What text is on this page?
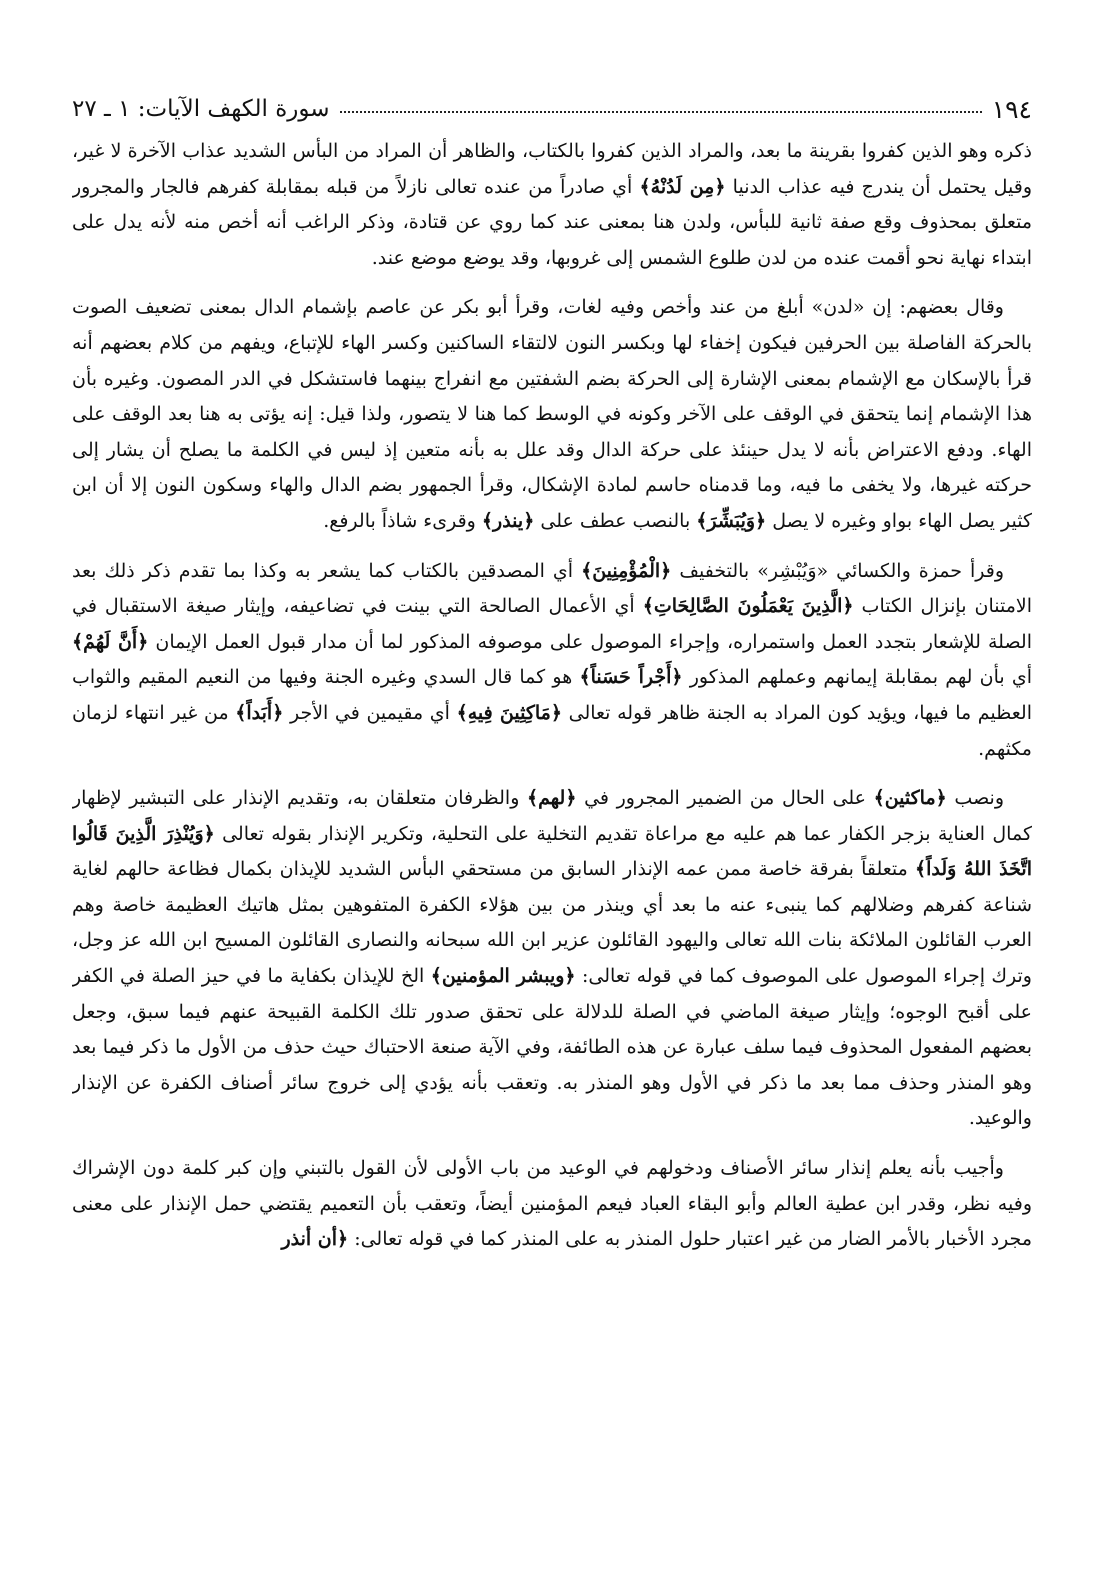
١٩٤
سورة الكهف الآيات: ١ ـ ٢٧

ذكره وهو الذين كفروا بقرينة ما بعد، والمراد الذين كفروا بالكتاب، والظاهر أن المراد من البأس الشديد عذاب الآخرة لا غير، وقيل يحتمل أن يندرج فيه عذاب الدنيا ﴿مِن لَدُنْهُ﴾ أي صادراً من عنده تعالى نازلاً من قبله بمقابلة كفرهم فالجار والمجرور متعلق بمحذوف وقع صفة ثانية للبأس، ولدن هنا بمعنى عند كما روي عن قتادة، وذكر الراغب أنه أخص منه لأنه يدل على ابتداء نهاية نحو أقمت عنده من لدن طلوع الشمس إلى غروبها، وقد يوضع موضع عند.

وقال بعضهم: إن «لدن» أبلغ من عند وأخص وفيه لغات، وقرأ أبو بكر عن عاصم بإشمام الدال بمعنى تضعيف الصوت بالحركة الفاصلة بين الحرفين فيكون إخفاء لها وبكسر النون لالتقاء الساكنين وكسر الهاء للإتباع، ويفهم من كلام بعضهم أنه قرأ بالإسكان مع الإشمام بمعنى الإشارة إلى الحركة بضم الشفتين مع انفراج بينهما فاستشكل في الدر المصون. وغيره بأن هذا الإشمام إنما يتحقق في الوقف على الآخر وكونه في الوسط كما هنا لا يتصور، ولذا قيل: إنه يؤتى به هنا بعد الوقف على الهاء. ودفع الاعتراض بأنه لا يدل حينئذ على حركة الدال وقد علل به بأنه متعين إذ ليس في الكلمة ما يصلح أن يشار إلى حركته غيرها، ولا يخفى ما فيه، وما قدمناه حاسم لمادة الإشكال، وقرأ الجمهور بضم الدال والهاء وسكون النون إلا أن ابن كثير يصل الهاء بواو وغيره لا يصل ﴿وَيُبَشِّرَ﴾ بالنصب عطف على ﴿ينذر﴾ وقرىء شاذاً بالرفع.

وقرأ حمزة والكسائي «وَيُبْشِر» بالتخفيف ﴿الْمُؤْمِنِينَ﴾ أي المصدقين بالكتاب كما يشعر به وكذا بما تقدم ذكر ذلك بعد الامتنان بإنزال الكتاب ﴿الَّذِينَ يَعْمَلُونَ الصَّالِحَاتِ﴾ أي الأعمال الصالحة التي بينت في تضاعيفه، وإيثار صيغة الاستقبال في الصلة للإشعار بتجدد العمل واستمراره، وإجراء الموصول على موصوفه المذكور لما أن مدار قبول العمل الإيمان ﴿أَنَّ لَهُمْ﴾ أي بأن لهم بمقابلة إيمانهم وعملهم المذكور ﴿أَجْراً حَسَناً﴾ هو كما قال السدي وغيره الجنة وفيها من النعيم المقيم والثواب العظيم ما فيها، ويؤيد كون المراد به الجنة ظاهر قوله تعالى ﴿مَاكِثِينَ فِيهِ﴾ أي مقيمين في الأجر ﴿أَبَداً﴾ من غير انتهاء لزمان مكثهم.

ونصب ﴿ماكثين﴾ على الحال من الضمير المجرور في ﴿لهم﴾ والظرفان متعلقان به، وتقديم الإنذار على التبشير لإظهار كمال العناية بزجر الكفار عما هم عليه مع مراعاة تقديم التخلية على التحلية، وتكرير الإنذار بقوله تعالى ﴿وَيُنْذِرَ الَّذِينَ قَالُوا اتَّخَذَ اللهُ وَلَداً﴾ متعلقاً بفرقة خاصة ممن عمه الإنذار السابق من مستحقي البأس الشديد للإيذان بكمال فظاعة حالهم لغاية شناعة كفرهم وضلالهم كما ينبىء عنه ما بعد أي وينذر من بين هؤلاء الكفرة المتفوهين بمثل هاتيك العظيمة خاصة وهم العرب القائلون الملائكة بنات الله تعالى واليهود القائلون عزير ابن الله سبحانه والنصارى القائلون المسيح ابن الله عز وجل، وترك إجراء الموصول على الموصوف كما في قوله تعالى: ﴿ويبشر المؤمنين﴾ الخ للإيذان بكفاية ما في حيز الصلة في الكفر على أقبح الوجوه؛ وإيثار صيغة الماضي في الصلة للدلالة على تحقق صدور تلك الكلمة القبيحة عنهم فيما سبق، وجعل بعضهم المفعول المحذوف فيما سلف عبارة عن هذه الطائفة، وفي الآية صنعة الاحتباك حيث حذف من الأول ما ذكر فيما بعد وهو المنذر وحذف مما بعد ما ذكر في الأول وهو المنذر به. وتعقب بأنه يؤدي إلى خروج سائر أصناف الكفرة عن الإنذار والوعيد.

وأجيب بأنه يعلم إنذار سائر الأصناف ودخولهم في الوعيد من باب الأولى لأن القول بالتبني وإن كبر كلمة دون الإشراك وفيه نظر، وقدر ابن عطية العالم وأبو البقاء العباد فيعم المؤمنين أيضاً، وتعقب بأن التعميم يقتضي حمل الإنذار على معنى مجرد الأخبار بالأمر الضار من غير اعتبار حلول المنذر به على المنذر كما في قوله تعالى: ﴿أن أنذر
